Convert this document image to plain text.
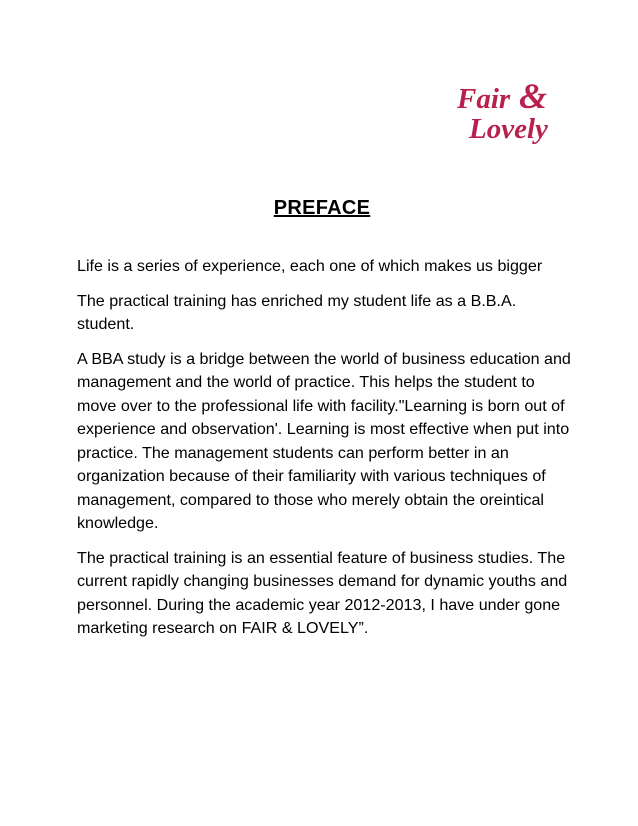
Fair &
Lovely
PREFACE

Life is a series of experience, each one of which makes us bigger

The practical training has enriched my student life as a B.B.A. student.

A BBA study is a bridge between the world of business education and management and the world of practice. This helps the student to move over to the professional life with facility."Learning is born out of experience and observation'. Learning is most effective when put into practice. The management students can perform better in an organization because of their familiarity with various techniques of management, compared to those who merely obtain the oreintical knowledge.

The practical training is an essential feature of business studies. The current rapidly changing businesses demand for dynamic youths and personnel. During the academic year 2012-2013, I have under gone marketing research on FAIR & LOVELY”.
